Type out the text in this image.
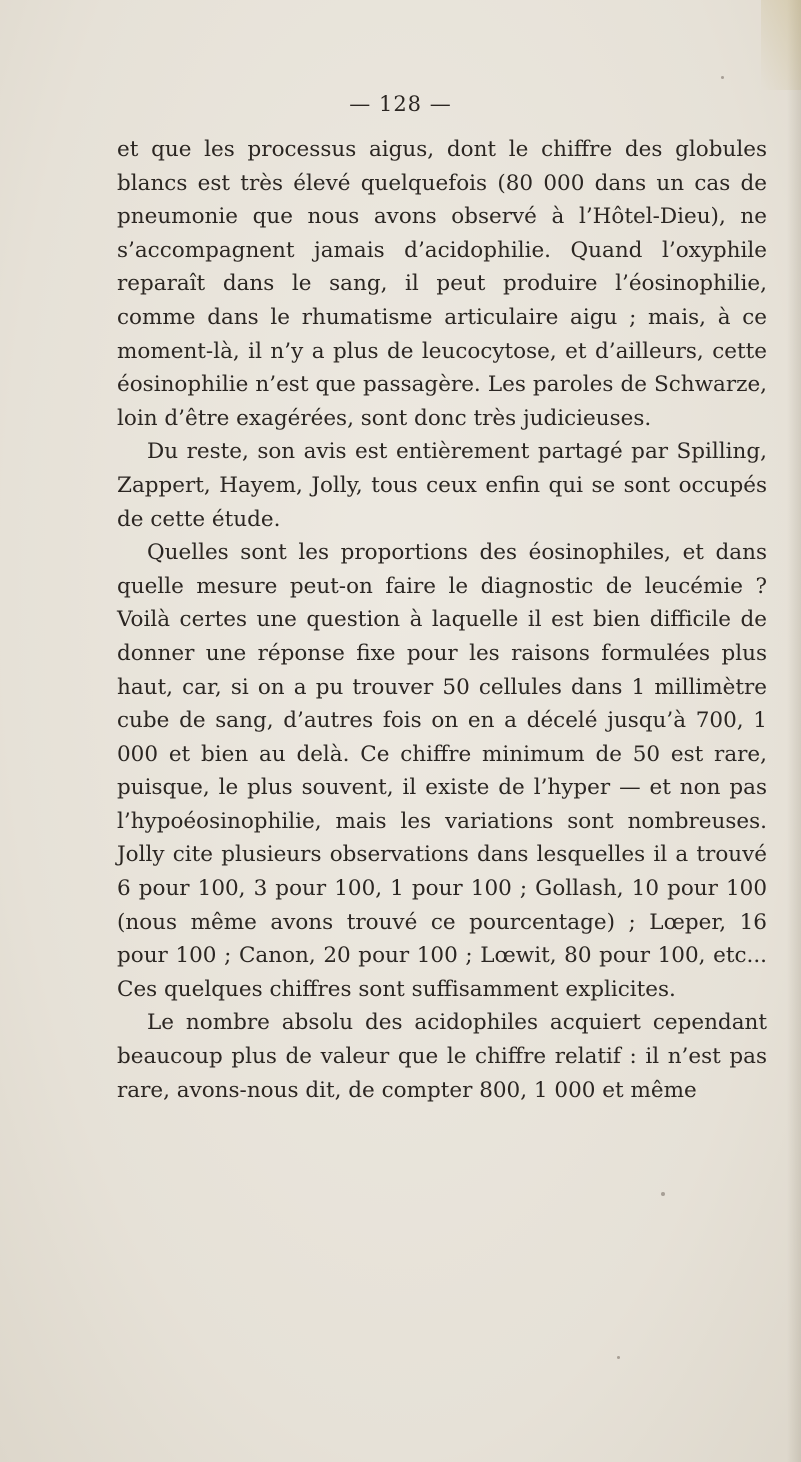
— 128 —

et que les processus aigus, dont le chiffre des globules blancs est très élevé quelquefois (80 000 dans un cas de pneumonie que nous avons observé à l’Hôtel-Dieu), ne s’accompagnent jamais d’acidophilie. Quand l’oxyphile reparaît dans le sang, il peut produire l’éosinophilie, comme dans le rhumatisme articulaire aigu ; mais, à ce moment-là, il n’y a plus de leucocytose, et d’ailleurs, cette éosinophilie n’est que passagère. Les paroles de Schwarze, loin d’être exagérées, sont donc très judicieuses.

Du reste, son avis est entièrement partagé par Spilling, Zappert, Hayem, Jolly, tous ceux enfin qui se sont occupés de cette étude.

Quelles sont les proportions des éosinophiles, et dans quelle mesure peut-on faire le diagnostic de leucémie ? Voilà certes une question à laquelle il est bien difficile de donner une réponse fixe pour les raisons formulées plus haut, car, si on a pu trouver 50 cellules dans 1 millimètre cube de sang, d’autres fois on en a décelé jusqu’à 700, 1 000 et bien au delà. Ce chiffre minimum de 50 est rare, puisque, le plus souvent, il existe de l’hyper — et non pas l’hypoéosinophilie, mais les variations sont nombreuses. Jolly cite plusieurs observations dans lesquelles il a trouvé 6 pour 100, 3 pour 100, 1 pour 100 ; Gollash, 10 pour 100 (nous même avons trouvé ce pourcentage) ; Lœper, 16 pour 100 ; Canon, 20 pour 100 ; Lœwit, 80 pour 100, etc... Ces quelques chiffres sont suffisamment explicites.

Le nombre absolu des acidophiles acquiert cependant beaucoup plus de valeur que le chiffre relatif : il n’est pas rare, avons-nous dit, de compter 800, 1 000 et même
